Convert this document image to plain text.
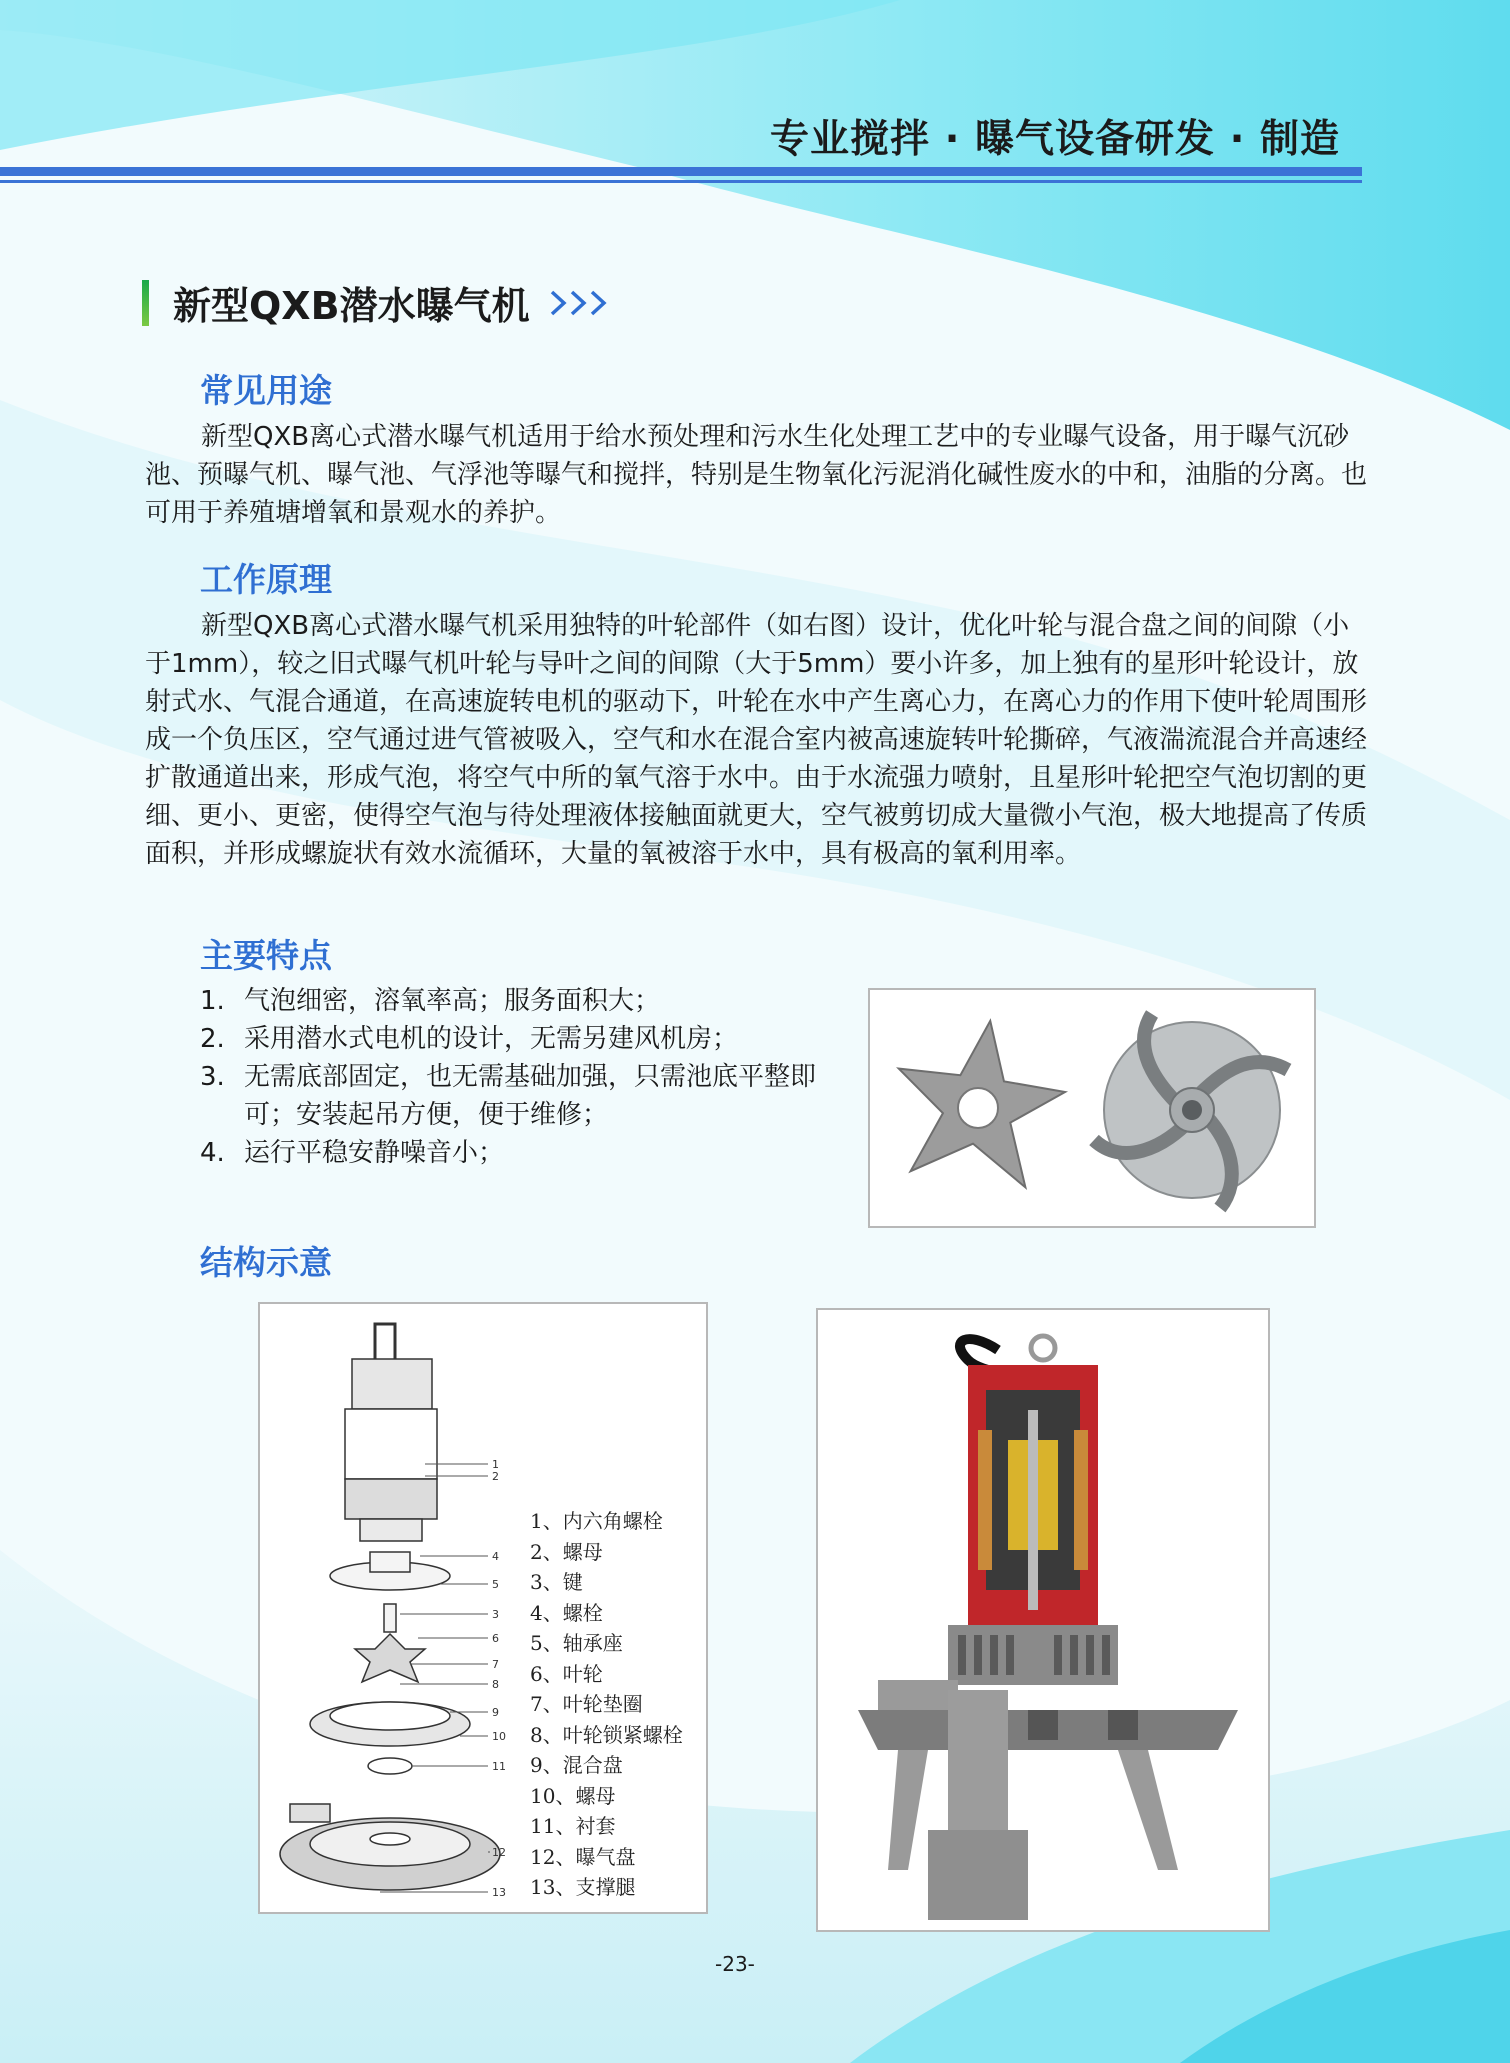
专业搅拌 · 曝气设备研发 · 制造
新型QXB潜水曝气机
常见用途

新型QXB离心式潜水曝气机适用于给水预处理和污水生化处理工艺中的专业曝气设备，用于曝气沉砂池、预曝气机、曝气池、气浮池等曝气和搅拌，特别是生物氧化污泥消化碱性废水的中和，油脂的分离。也可用于养殖塘增氧和景观水的养护。

工作原理

新型QXB离心式潜水曝气机采用独特的叶轮部件（如右图）设计，优化叶轮与混合盘之间的间隙（小于1mm），较之旧式曝气机叶轮与导叶之间的间隙（大于5mm）要小许多，加上独有的星形叶轮设计，放射式水、气混合通道，在高速旋转电机的驱动下，叶轮在水中产生离心力，在离心力的作用下使叶轮周围形成一个负压区，空气通过进气管被吸入，空气和水在混合室内被高速旋转叶轮撕碎，气液湍流混合并高速经扩散通道出来，形成气泡，将空气中所的氧气溶于水中。由于水流强力喷射，且星形叶轮把空气泡切割的更细、更小、更密，使得空气泡与待处理液体接触面就更大，空气被剪切成大量微小气泡，极大地提高了传质面积，并形成螺旋状有效水流循环，大量的氧被溶于水中，具有极高的氧利用率。

主要特点
1. 气泡细密，溶氧率高；服务面积大；
2. 采用潜水式电机的设计，无需另建风机房；
3. 无需底部固定，也无需基础加强，只需池底平整即可；安装起吊方便，便于维修；
4. 运行平稳安静噪音小；
结构示意
1
2
4
5
3
6
7
8
9
10
11
12
13
1、内六角螺栓
2、螺母
3、键
4、螺栓
5、轴承座
6、叶轮
7、叶轮垫圈
8、叶轮锁紧螺栓
9、混合盘
10、螺母
11、衬套
12、曝气盘
13、支撑腿
-23-
